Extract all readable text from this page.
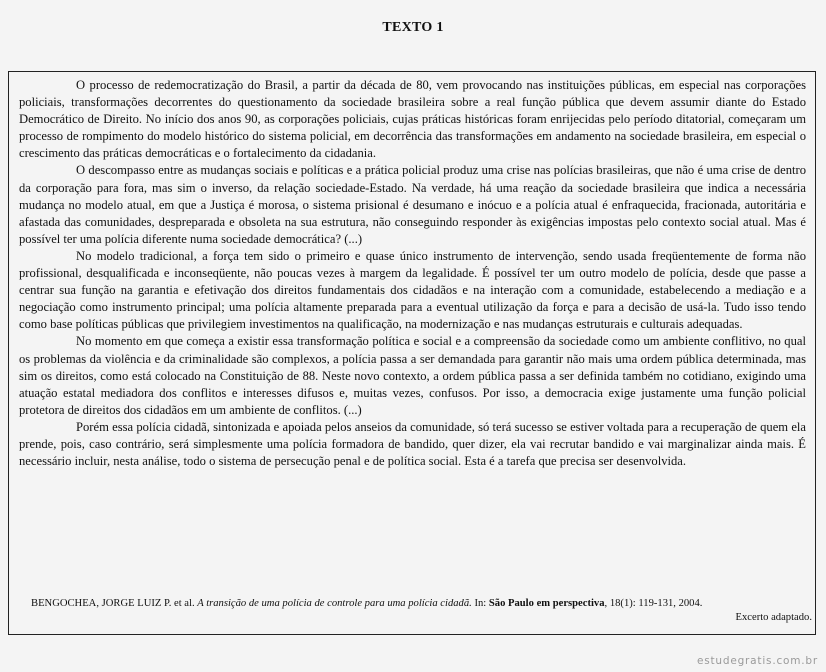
TEXTO 1

O processo de redemocratização do Brasil, a partir da década de 80, vem provocando nas instituições públicas, em especial nas corporações policiais, transformações decorrentes do questionamento da sociedade brasileira sobre a real função pública que devem assumir diante do Estado Democrático de Direito. No início dos anos 90, as corporações policiais, cujas práticas históricas foram enrijecidas pelo período ditatorial, começaram um processo de rompimento do modelo histórico do sistema policial, em decorrência das transformações em andamento na sociedade brasileira, em especial o crescimento das práticas democráticas e o fortalecimento da cidadania.

O descompasso entre as mudanças sociais e políticas e a prática policial produz uma crise nas polícias brasileiras, que não é uma crise de dentro da corporação para fora, mas sim o inverso, da relação sociedade-Estado. Na verdade, há uma reação da sociedade brasileira que indica a necessária mudança no modelo atual, em que a Justiça é morosa, o sistema prisional é desumano e inócuo e a polícia atual é enfraquecida, fracionada, autoritária e afastada das comunidades, despreparada e obsoleta na sua estrutura, não conseguindo responder às exigências impostas pelo contexto social atual. Mas é possível ter uma polícia diferente numa sociedade democrática? (...)

No modelo tradicional, a força tem sido o primeiro e quase único instrumento de intervenção, sendo usada freqüentemente de forma não profissional, desqualificada e inconseqüente, não poucas vezes à margem da legalidade. É possível ter um outro modelo de polícia, desde que passe a centrar sua função na garantia e efetivação dos direitos fundamentais dos cidadãos e na interação com a comunidade, estabelecendo a mediação e a negociação como instrumento principal; uma polícia altamente preparada para a eventual utilização da força e para a decisão de usá-la. Tudo isso tendo como base políticas públicas que privilegiem investimentos na qualificação, na modernização e nas mudanças estruturais e culturais adequadas.

No momento em que começa a existir essa transformação política e social e a compreensão da sociedade como um ambiente conflitivo, no qual os problemas da violência e da criminalidade são complexos, a polícia passa a ser demandada para garantir não mais uma ordem pública determinada, mas sim os direitos, como está colocado na Constituição de 88. Neste novo contexto, a ordem pública passa a ser definida também no cotidiano, exigindo uma atuação estatal mediadora dos conflitos e interesses difusos e, muitas vezes, confusos. Por isso, a democracia exige justamente uma função policial protetora de direitos dos cidadãos em um ambiente de conflitos. (...)

Porém essa polícia cidadã, sintonizada e apoiada pelos anseios da comunidade, só terá sucesso se estiver voltada para a recuperação de quem ela prende, pois, caso contrário, será simplesmente uma polícia formadora de bandido, quer dizer, ela vai recrutar bandido e vai marginalizar ainda mais. É necessário incluir, nesta análise, todo o sistema de persecução penal e de política social. Esta é a tarefa que precisa ser desenvolvida.

BENGOCHEA, JORGE LUIZ P. et al. A transição de uma polícia de controle para uma polícia cidadã. In: São Paulo em perspectiva, 18(1): 119-131, 2004.
Excerto adaptado.
estudegratis.com.br
